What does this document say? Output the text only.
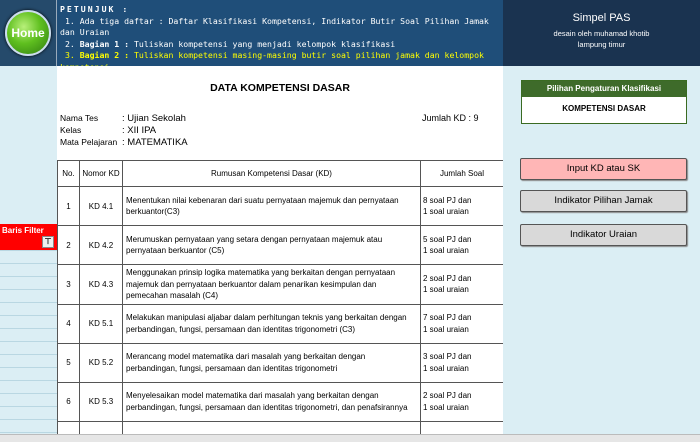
Home
PETUNJUK :
1. Ada tiga daftar : Daftar Klasifikasi Kompetensi, Indikator Butir Soal Pilihan Jamak dan Uraian
2. Bagian 1 : Tuliskan kompetensi yang menjadi kelompok klasifikasi
3. Bagian 2 : Tuliskan kompetensi masing-masing butir soal pilihan jamak dan kelompok

Simpel PAS
desain oleh muhamad khotib
lampung timur
Baris Filter
⊤
DATA KOMPETENSI DASAR
Nama Tes	: Ujian Sekolah
Kelas	: XII IPA
Mata Pelajaran : MATEMATIKA
Jumlah KD : 9
No.	Nomor KD	Rumusan Kompetensi Dasar (KD)	Jumlah Soal
1	KD 4.1	Menentukan nilai kebenaran dari suatu pernyataan majemuk dan pernyataan berkuantor(C3)	8 soal PJ dan
1 soal uraian

2	KD 4.2	Merumuskan pernyataan yang setara dengan pernyataan majemuk atau pernyataan berkuantor (C5)	5 soal PJ dan
1 soal uraian

3	KD 4.3	Menggunakan prinsip logika matematika yang berkaitan dengan pernyataan majemuk dan pernyataan berkuantor dalam penarikan kesimpulan dan pemecahan masalah (C4)	2 soal PJ dan
1 soal uraian

4	KD 5.1	Melakukan manipulasi aljabar dalam perhitungan teknis yang berkaitan dengan perbandingan, fungsi, persamaan dan identitas trigonometri (C3)	7 soal PJ dan
1 soal uraian

5	KD 5.2	Merancang model matematika dari masalah yang berkaitan dengan perbandingan, fungsi, persamaan dan identitas trigonometri	3 soal PJ dan
1 soal uraian

6	KD 5.3	Menyelesaikan model matematika dari masalah yang berkaitan dengan perbandingan, fungsi, persamaan dan identitas trigonometri, dan penafsirannya	2 soal PJ dan
1 soal uraian

Pilihan Pengaturan Klasifikasi
KOMPETENSI DASAR
Input KD atau SK
Indikator Pilihan Jamak
Indikator Uraian
